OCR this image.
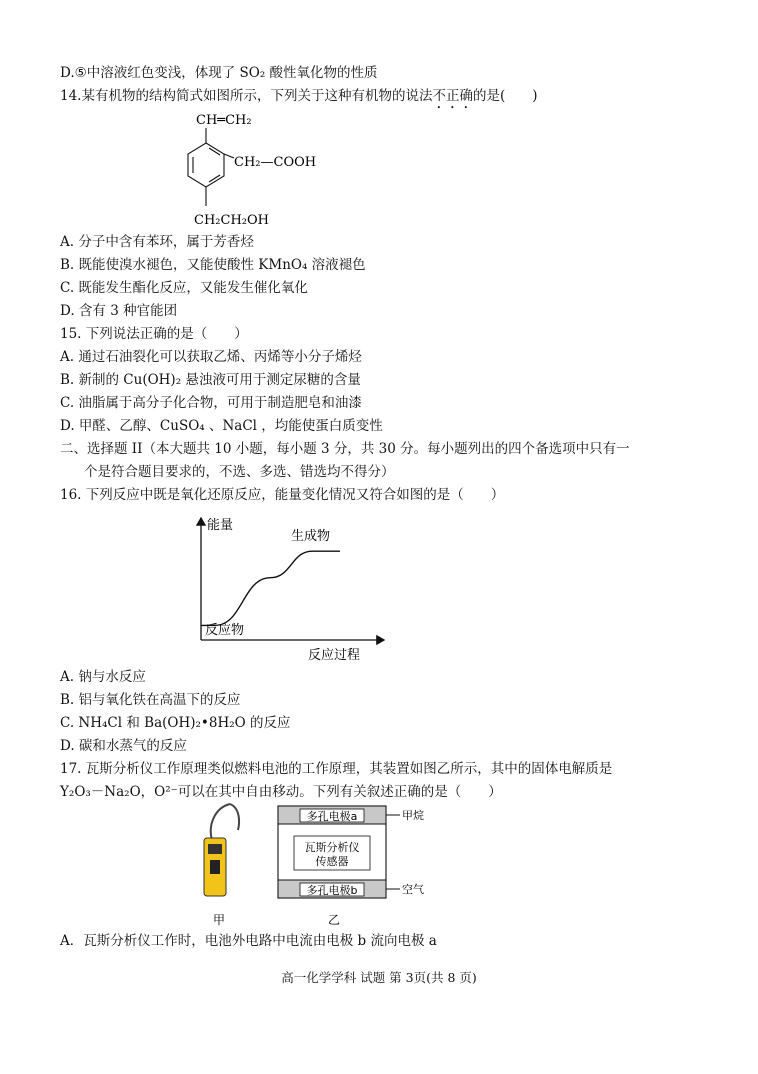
D.⑤中溶液红色变浅，体现了 SO₂ 酸性氧化物的性质
14.某有机物的结构简式如图所示，下列关于这种有机物的说法不正确的是(　　)
CH═CH₂
CH₂—COOH
CH₂CH₂OH
A. 分子中含有苯环，属于芳香烃
B. 既能使溴水褪色，又能使酸性 KMnO₄ 溶液褪色
C. 既能发生酯化反应，又能发生催化氧化
D. 含有 3 种官能团
15. 下列说法正确的是（　　）
A. 通过石油裂化可以获取乙烯、丙烯等小分子烯烃
B. 新制的 Cu(OH)₂ 悬浊液可用于测定尿糖的含量
C. 油脂属于高分子化合物，可用于制造肥皂和油漆
D. 甲醛、乙醇、CuSO₄ 、NaCl ，均能使蛋白质变性
二、选择题 II（本大题共 10 小题，每小题 3 分，共 30 分。每小题列出的四个备选项中只有一
个是符合题目要求的，不选、多选、错选均不得分）
16. 下列反应中既是氧化还原反应，能量变化情况又符合如图的是（　　）
能量
反应过程
生成物
反应物
A. 钠与水反应
B. 铝与氧化铁在高温下的反应
C. NH₄Cl 和 Ba(OH)₂•8H₂O 的反应
D. 碳和水蒸气的反应
17. 瓦斯分析仪工作原理类似燃料电池的工作原理，其装置如图乙所示，其中的固体电解质是
Y₂O₃－Na₂O，O²⁻可以在其中自由移动。下列有关叙述正确的是（　　）
甲
多孔电极a
瓦斯分析仪
传感器
多孔电极b
甲烷
空气
乙
A．瓦斯分析仪工作时，电池外电路中电流由电极 b 流向电极 a
高一化学学科 试题 第 3页(共 8 页)
